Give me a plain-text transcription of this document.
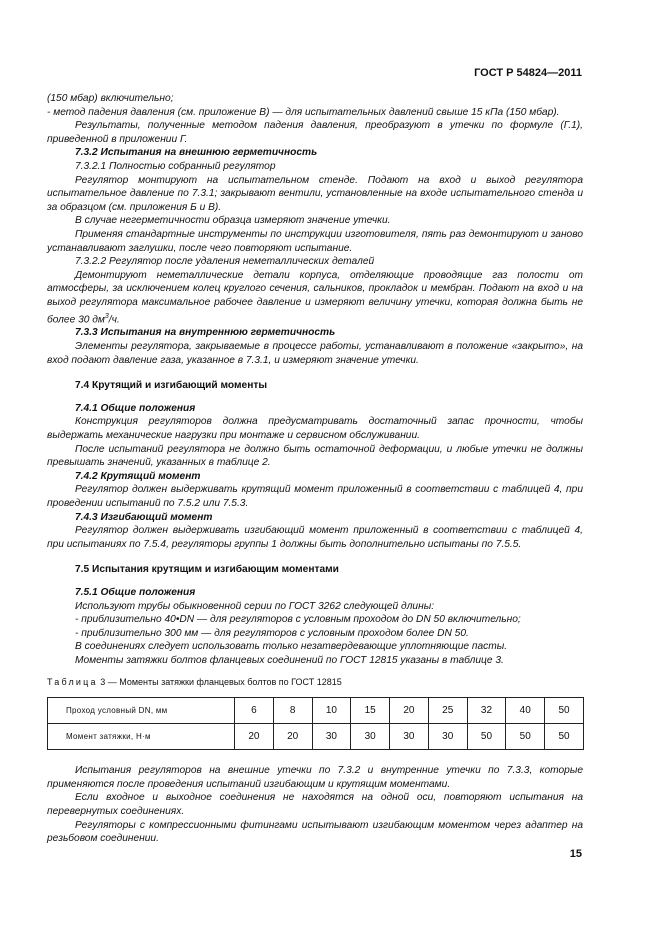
ГОСТ Р 54824—2011

(150 мбар) включительно;

- метод падения давления (см. приложение В) — для испытательных давлений свыше 15 кПа (150 мбар).

Результаты, полученные методом падения давления, преобразуют в утечки по формуле (Г.1), приведенной в приложении Г.

7.3.2 Испытания на внешнюю герметичность

7.3.2.1 Полностью собранный регулятор

Регулятор монтируют на испытательном стенде. Подают на вход и выход регулятора испытательное давление по 7.3.1; закрывают вентили, установленные на входе испытательного стенда и за образцом (см. приложения Б и В).

В случае негерметичности образца измеряют значение утечки.

Применяя стандартные инструменты по инструкции изготовителя, пять раз демонтируют и заново устанавливают заглушки, после чего повторяют испытание.

7.3.2.2 Регулятор после удаления неметаллических деталей

Демонтируют неметаллические детали корпуса, отделяющие проводящие газ полости от атмосферы, за исключением колец круглого сечения, сальников, прокладок и мембран. Подают на вход и на выход регулятора максимальное рабочее давление и измеряют величину утечки, которая должна быть не более 30 $дм^3/ч$.

7.3.3 Испытания на внутреннюю герметичность

Элементы регулятора, закрываемые в процессе работы, устанавливают в положение «закрыто», на вход подают давление газа, указанное в 7.3.1, и измеряют значение утечки.

7.4 Крутящий и изгибающий моменты

7.4.1 Общие положения

Конструкция регуляторов должна предусматривать достаточный запас прочности, чтобы выдержать механические нагрузки при монтаже и сервисном обслуживании.

После испытаний регулятора не должно быть остаточной деформации, и любые утечки не должны превышать значений, указанных в таблице 2.

7.4.2 Крутящий момент

Регулятор должен выдерживать крутящий момент приложенный в соответствии с таблицей 4, при проведении испытаний по 7.5.2 или 7.5.3.

7.4.3 Изгибающий момент

Регулятор должен выдерживать изгибающий момент приложенный в соответствии с таблицей 4, при испытаниях по 7.5.4, регуляторы группы 1 должны быть дополнительно испытаны по 7.5.5.

7.5 Испытания крутящим и изгибающим моментами

7.5.1 Общие положения

Используют трубы обыкновенной серии по ГОСТ 3262 следующей длины:

- приблизительно 40•DN — для регуляторов с условным проходом до DN 50 включительно;

- приблизительно 300 мм — для регуляторов с условным проходом более DN 50.

В соединениях следует использовать только незатвердевающие уплотняющие пасты.

Моменты затяжки болтов фланцевых соединений по ГОСТ 12815 указаны в таблице 3.

Таблица 3 — Моменты затяжки фланцевых болтов по ГОСТ 12815

Проход условный DN, мм	6	8	10	15	20	25	32	40	50
Момент затяжки, Н·м	20	20	30	30	30	30	50	50	50

Испытания регуляторов на внешние утечки по 7.3.2 и внутренние утечки по 7.3.3, которые применяются после проведения испытаний изгибающим и крутящим моментами.

Если входное и выходное соединения не находятся на одной оси, повторяют испытания на перевернутых соединениях.

Регуляторы с компрессионными фитингами испытывают изгибающим моментом через адаптер на резьбовом соединении.

15
